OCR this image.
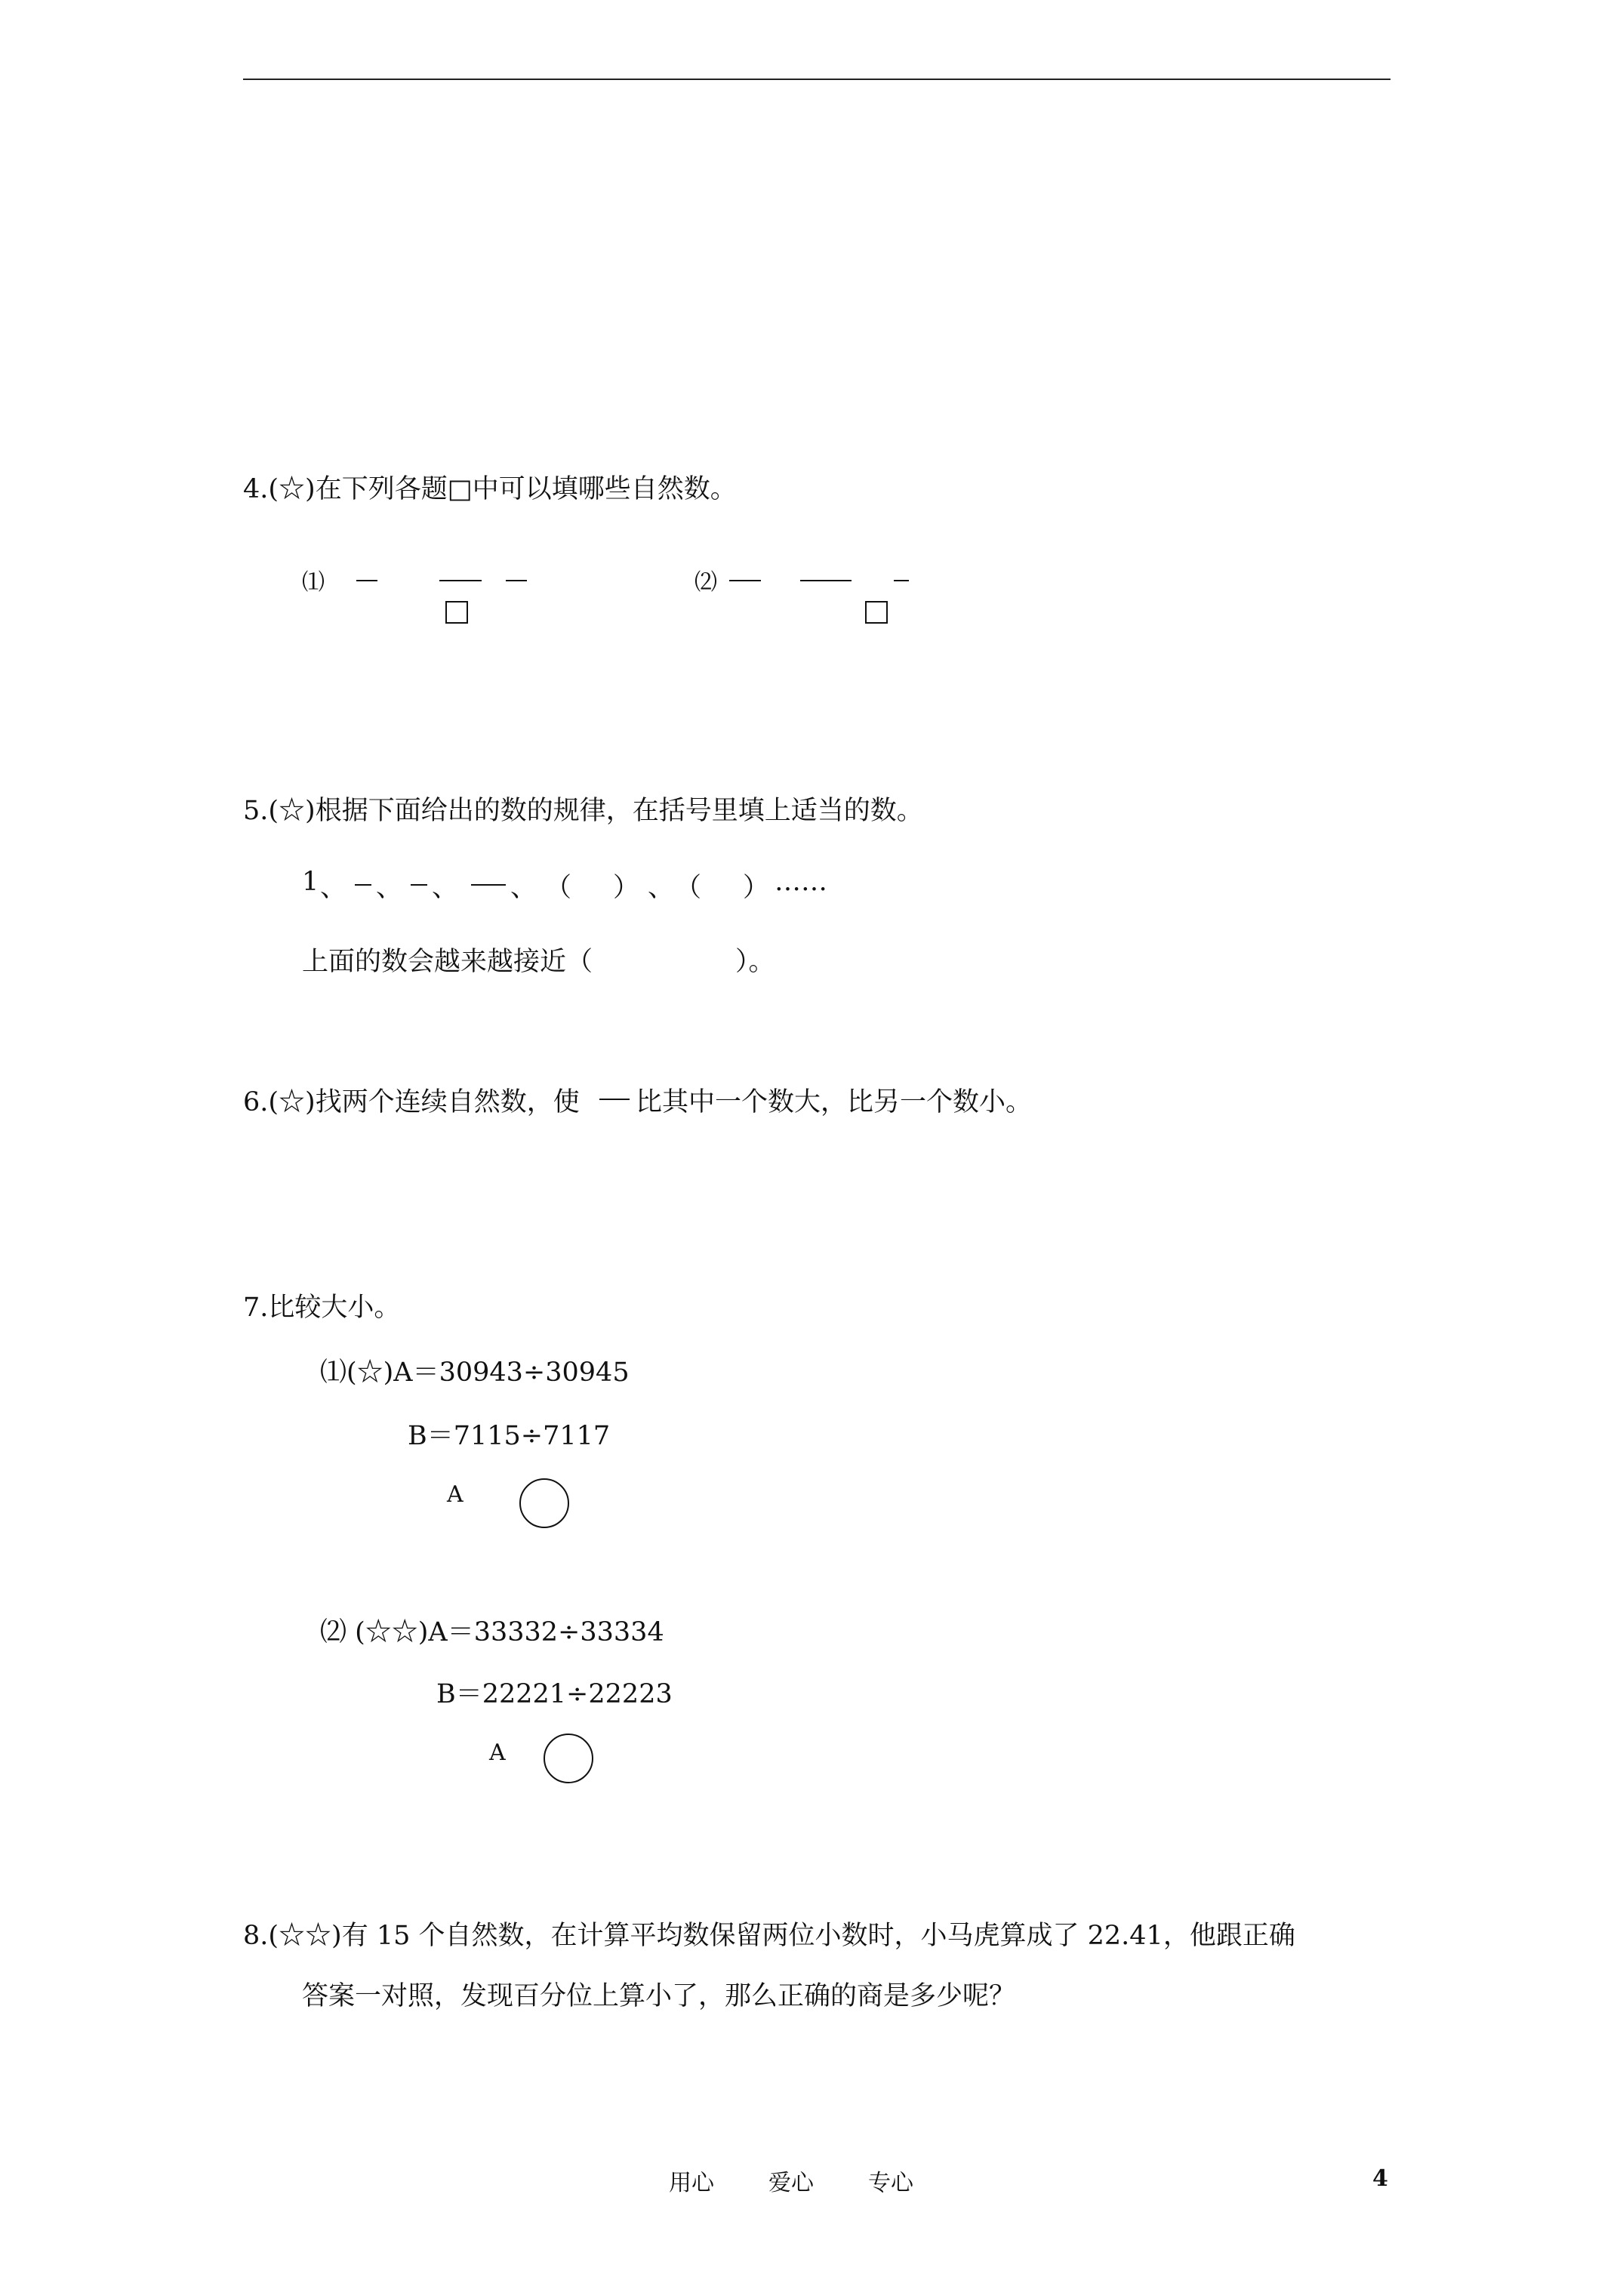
4.(☆)在下列各题□中可以填哪些自然数。
⑴	⑵
5.(☆)根据下面给出的数的规律，在括号里填上适当的数。
1 、 、 、 、 （ ） 、 （ ） ……
上面的数会越来越接近（	）。
6.(☆)找两个连续自然数，使 比其中一个数大，比另一个数小。
7.比较大小。
⑴(☆)A＝30943÷30945
B＝7115÷7117
A
⑵ (☆☆)A＝33332÷33334
B＝22221÷22223
A
8.(☆☆)有 15 个自然数，在计算平均数保留两位小数时，小马虎算成了 22.41，他跟正确
答案一对照，发现百分位上算小了，那么正确的商是多少呢？
用心 爱心 专心	4
